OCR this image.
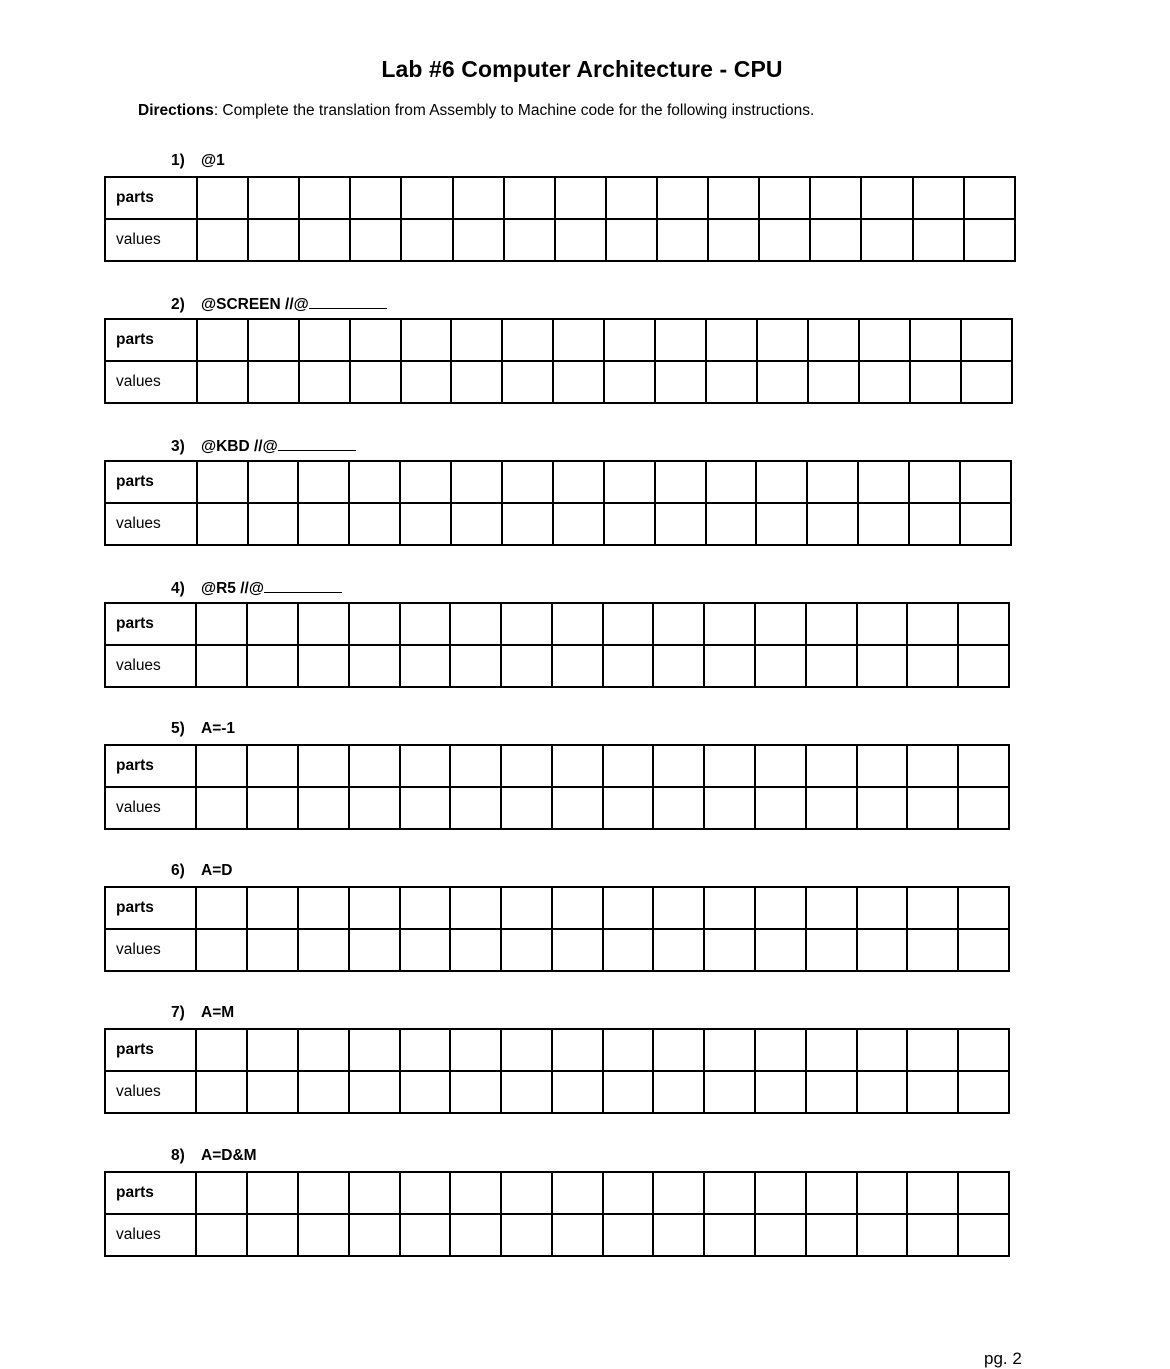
Lab #6 Computer Architecture - CPU
Directions: Complete the translation from Assembly to Machine code for the following instructions.
1) @1
parts																
values																
2) @SCREEN //@
parts																
values																
3) @KBD //@
parts																
values																
4) @R5 //@
parts																
values																
5) A=-1
parts																
values																
6) A=D
parts																
values																
7) A=M
parts																
values																
8) A=D&M
parts																
values																
pg. 2
